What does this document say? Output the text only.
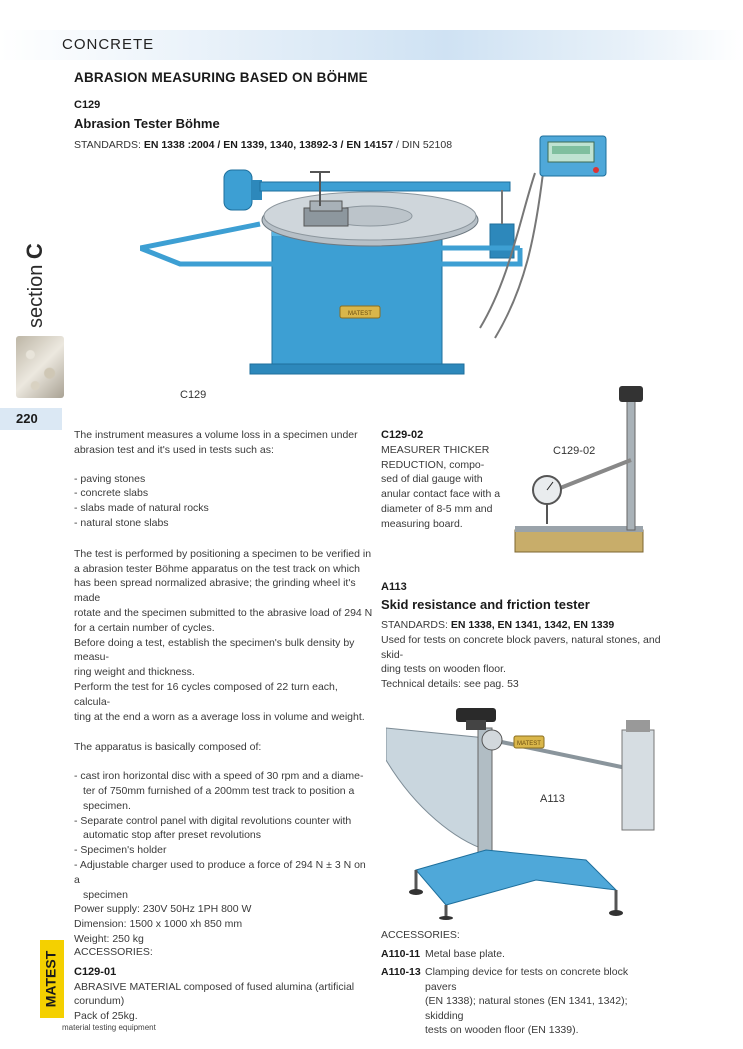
CONCRETE
ABRASION MEASURING BASED ON BÖHME
C129
Abrasion Tester Böhme
STANDARDS: EN 1338 :2004 / EN 1339, 1340, 13892-3 / EN 14157 / DIN 52108
section C
220
MATEST
C129

The instrument measures a volume loss in a specimen under

abrasion test and it's used in tests such as:

- paving stones

- concrete slabs

- slabs made of natural rocks

- natural stone slabs

The test is performed by positioning a specimen to be verified in

a abrasion tester Böhme apparatus on the test track on which

has been spread normalized abrasive; the grinding wheel it's made

rotate and the specimen submitted to the abrasive load of 294 N

for a certain number of cycles.

Before doing a test, establish the specimen's bulk density by measu-

ring weight and thickness.

Perform the test for 16 cycles composed of 22 turn each, calcula-

ting at the end a worn as a average loss in volume and weight.

The apparatus is basically composed of:

- cast iron horizontal disc with a speed of 30 rpm and a diame-

ter of 750mm furnished of a 200mm test track to position a

specimen.

- Separate control panel with digital revolutions counter with

automatic stop after preset revolutions

- Specimen's holder

- Adjustable charger used to produce a force of 294 N ± 3 N on a

specimen

Power supply: 230V 50Hz 1PH 800 W

Dimension: 1500 x 1000 xh 850 mm

Weight: 250 kg

ACCESSORIES:

C129-01

ABRASIVE MATERIAL composed of fused alumina (artificial corundum)

Pack of 25kg.

MATEST
material testing equipment

C129-02

MEASURER THICKER

REDUCTION, compo-

sed of dial gauge with

anular contact face with a

diameter of 8-5 mm and

measuring board.

C129-02
A113
Skid resistance and friction tester

STANDARDS: EN 1338, EN 1341, 1342, EN 1339

Used for tests on concrete block pavers, natural stones, and skid-

ding tests on wooden floor.

Technical details: see pag. 53

MATEST
A113
ACCESSORIES:
A110-11 Metal base plate.
A110-13 Clamping device for tests on concrete block pavers
(EN 1338); natural stones (EN 1341, 1342); skidding
tests on wooden floor (EN 1339).
